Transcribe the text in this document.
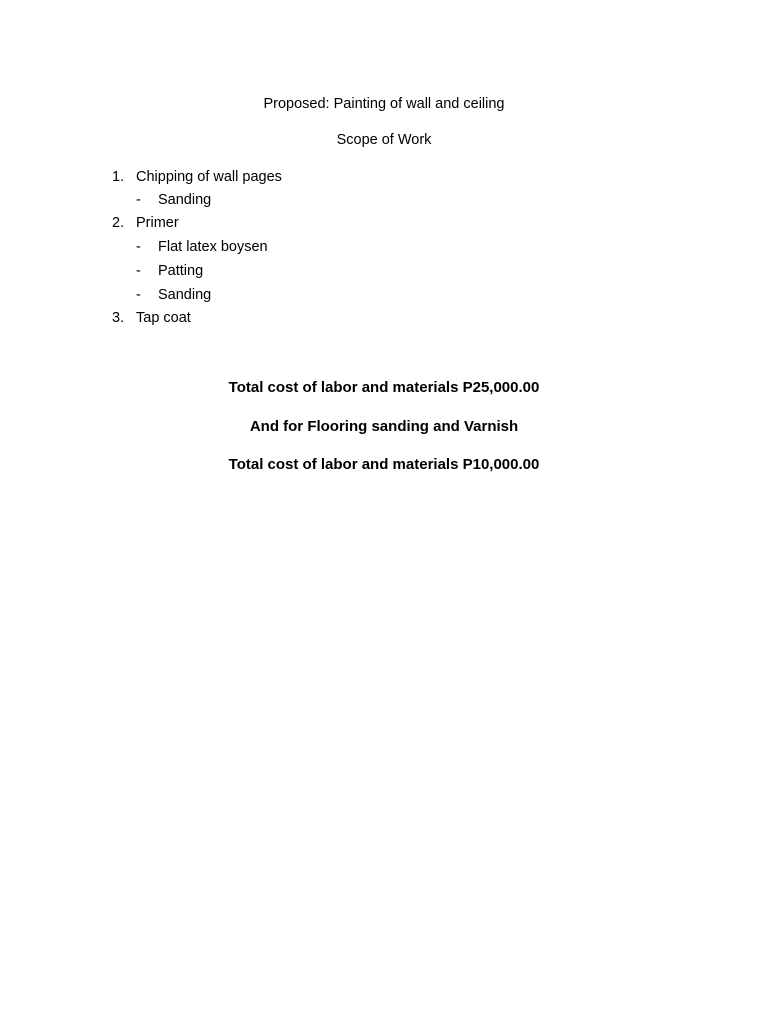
Proposed: Painting of wall and ceiling
Scope of Work
1. Chipping of wall pages
-	Sanding
2. Primer
-	Flat latex boysen
-	Patting
-	Sanding
3. Tap coat
Total cost of labor and materials P25,000.00
And for Flooring sanding and Varnish
Total cost of labor and materials P10,000.00
